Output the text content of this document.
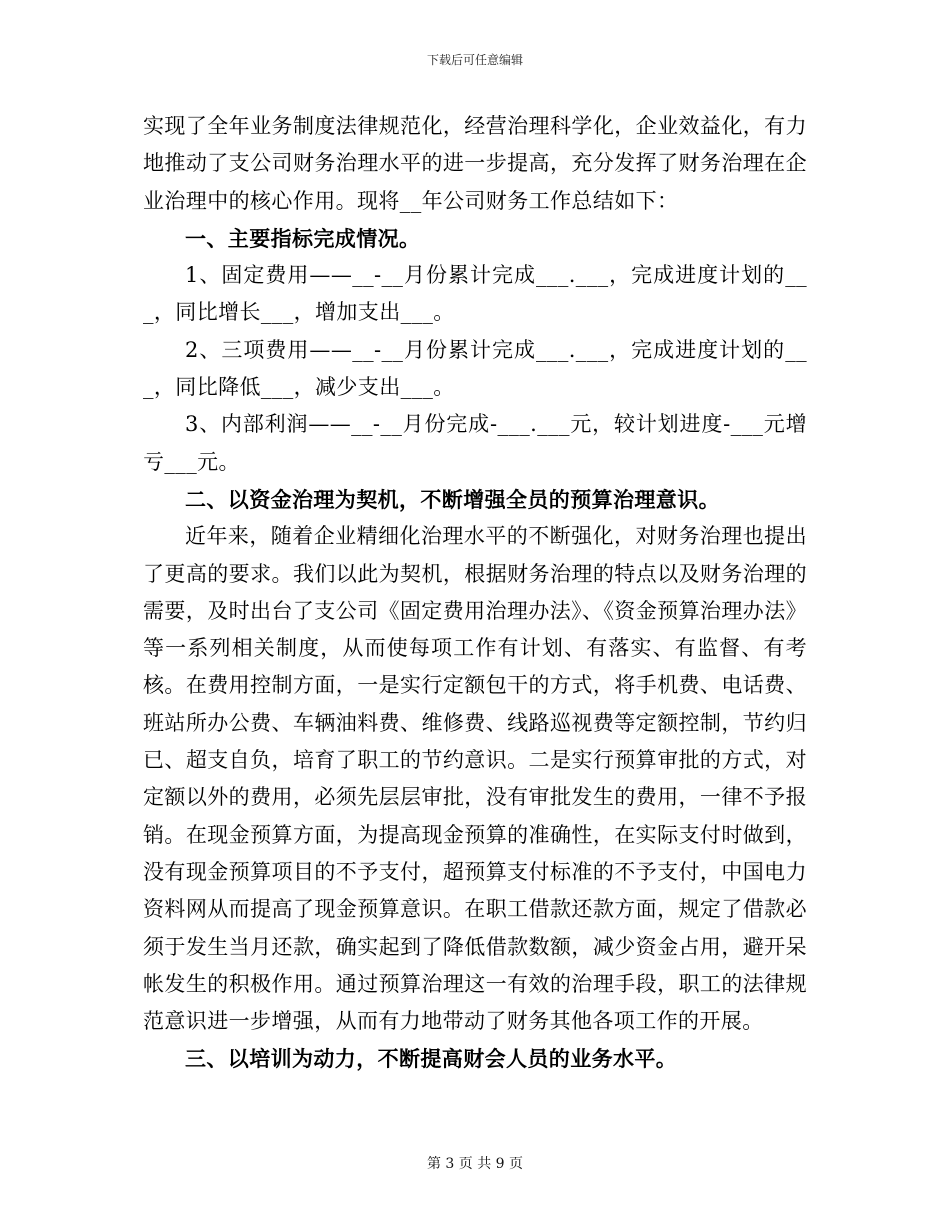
下载后可任意编辑

实现了全年业务制度法律规范化，经营治理科学化，企业效益化，有力地推动了支公司财务治理水平的进一步提高，充分发挥了财务治理在企业治理中的核心作用。现将__年公司财务工作总结如下：

一、主要指标完成情况。

1、固定费用——__-__月份累计完成___.___，完成进度计划的___，同比增长___，增加支出___。

2、三项费用——__-__月份累计完成___.___，完成进度计划的___，同比降低___，减少支出___。

3、内部利润——__-__月份完成-___.___元，较计划进度-___元增亏___元。

二、以资金治理为契机，不断增强全员的预算治理意识。

近年来，随着企业精细化治理水平的不断强化，对财务治理也提出了更高的要求。我们以此为契机，根据财务治理的特点以及财务治理的需要，及时出台了支公司《固定费用治理办法》、《资金预算治理办法》等一系列相关制度，从而使每项工作有计划、有落实、有监督、有考核。在费用控制方面，一是实行定额包干的方式，将手机费、电话费、班站所办公费、车辆油料费、维修费、线路巡视费等定额控制，节约归已、超支自负，培育了职工的节约意识。二是实行预算审批的方式，对定额以外的费用，必须先层层审批，没有审批发生的费用，一律不予报销。在现金预算方面，为提高现金预算的准确性，在实际支付时做到，没有现金预算项目的不予支付，超预算支付标准的不予支付，中国电力资料网从而提高了现金预算意识。在职工借款还款方面，规定了借款必须于发生当月还款，确实起到了降低借款数额，减少资金占用，避开呆帐发生的积极作用。通过预算治理这一有效的治理手段，职工的法律规范意识进一步增强，从而有力地带动了财务其他各项工作的开展。

三、以培训为动力，不断提高财会人员的业务水平。

第 3 页 共 9 页
